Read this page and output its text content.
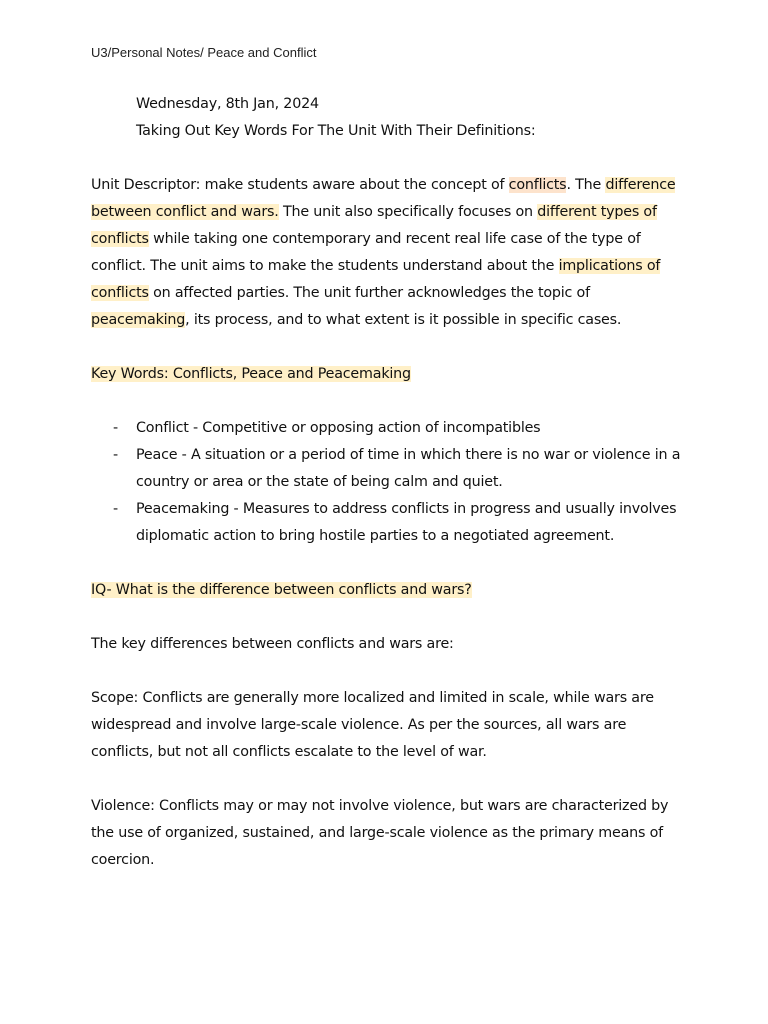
U3/Personal Notes/ Peace and Conflict

Wednesday, 8th Jan, 2024

Taking Out Key Words For The Unit With Their Definitions:

Unit Descriptor: make students aware about the concept of conflicts. The difference between conflict and wars. The unit also specifically focuses on different types of conflicts while taking one contemporary and recent real life case of the type of conflict. The unit aims to make the students understand about the implications of conflicts on affected parties. The unit further acknowledges the topic of peacemaking, its process, and to what extent is it possible in specific cases.

Key Words: Conflicts, Peace and Peacemaking

- Conflict - Competitive or opposing action of incompatibles
- Peace - A situation or a period of time in which there is no war or violence in a country or area or the state of being calm and quiet.
- Peacemaking - Measures to address conflicts in progress and usually involves diplomatic action to bring hostile parties to a negotiated agreement.

IQ- What is the difference between conflicts and wars?

The key differences between conflicts and wars are:

Scope: Conflicts are generally more localized and limited in scale, while wars are widespread and involve large-scale violence. As per the sources, all wars are conflicts, but not all conflicts escalate to the level of war.

Violence: Conflicts may or may not involve violence, but wars are characterized by the use of organized, sustained, and large-scale violence as the primary means of coercion.
